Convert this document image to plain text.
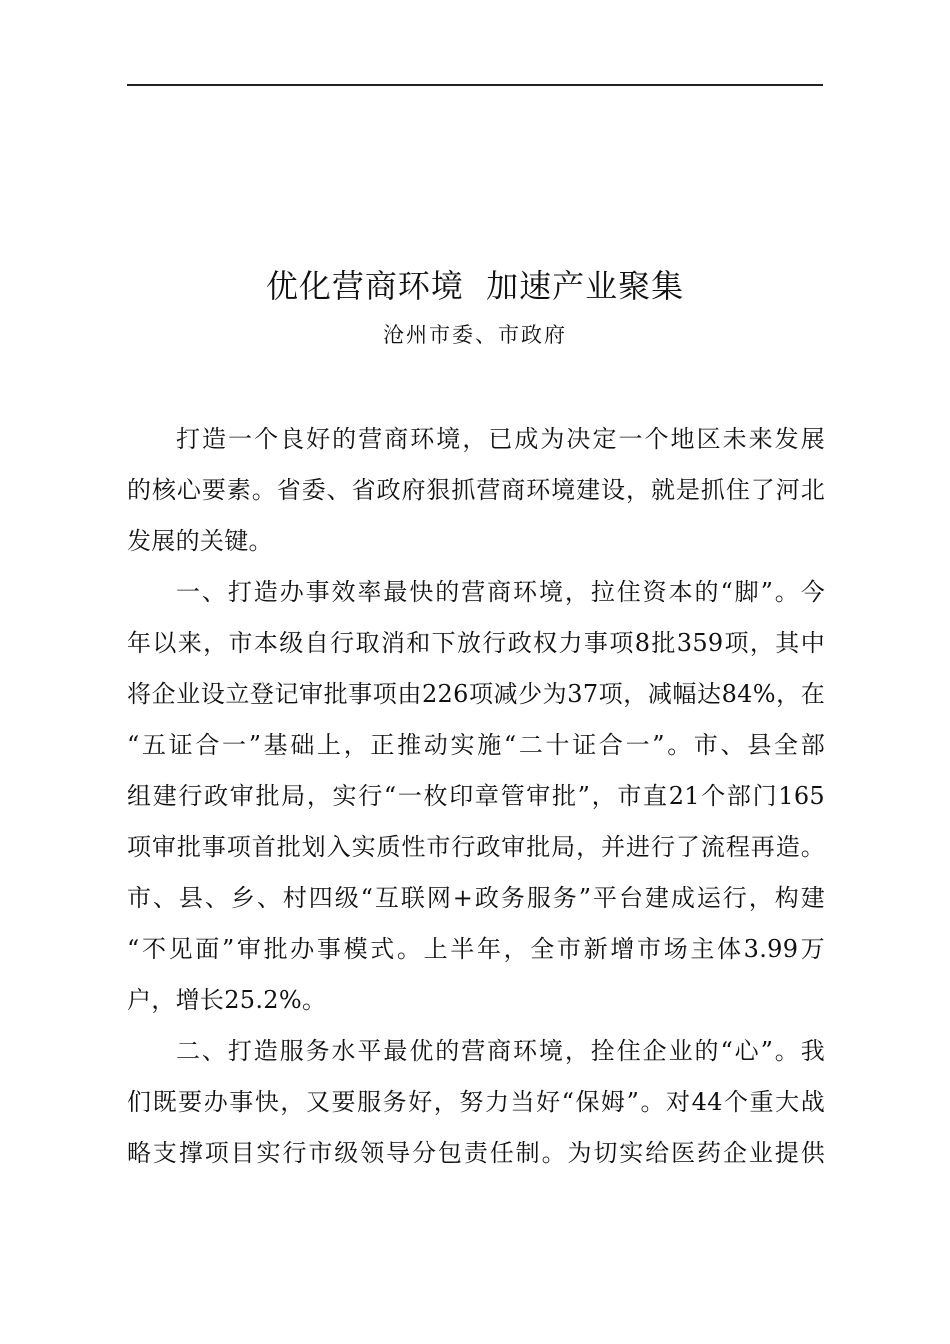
优化营商环境  加速产业聚集
沧州市委、市政府

打造一个良好的营商环境，已成为决定一个地区未来发展
的核心要素。省委、省政府狠抓营商环境建设，就是抓住了河北
发展的关键。

一、打造办事效率最快的营商环境，拉住资本的“脚”。今
年以来，市本级自行取消和下放行政权力事项8批359项，其中
将企业设立登记审批事项由226项减少为37项，减幅达84%，在
“五证合一”基础上，正推动实施“二十证合一”。市、县全部
组建行政审批局，实行“一枚印章管审批”，市直21个部门165
项审批事项首批划入实质性市行政审批局，并进行了流程再造。
市、县、乡、村四级“互联网+政务服务”平台建成运行，构建
“不见面”审批办事模式。上半年，全市新增市场主体3.99万
户，增长25.2%。

二、打造服务水平最优的营商环境，拴住企业的“心”。我
们既要办事快，又要服务好，努力当好“保姆”。对44个重大战
略支撑项目实行市级领导分包责任制。为切实给医药企业提供
